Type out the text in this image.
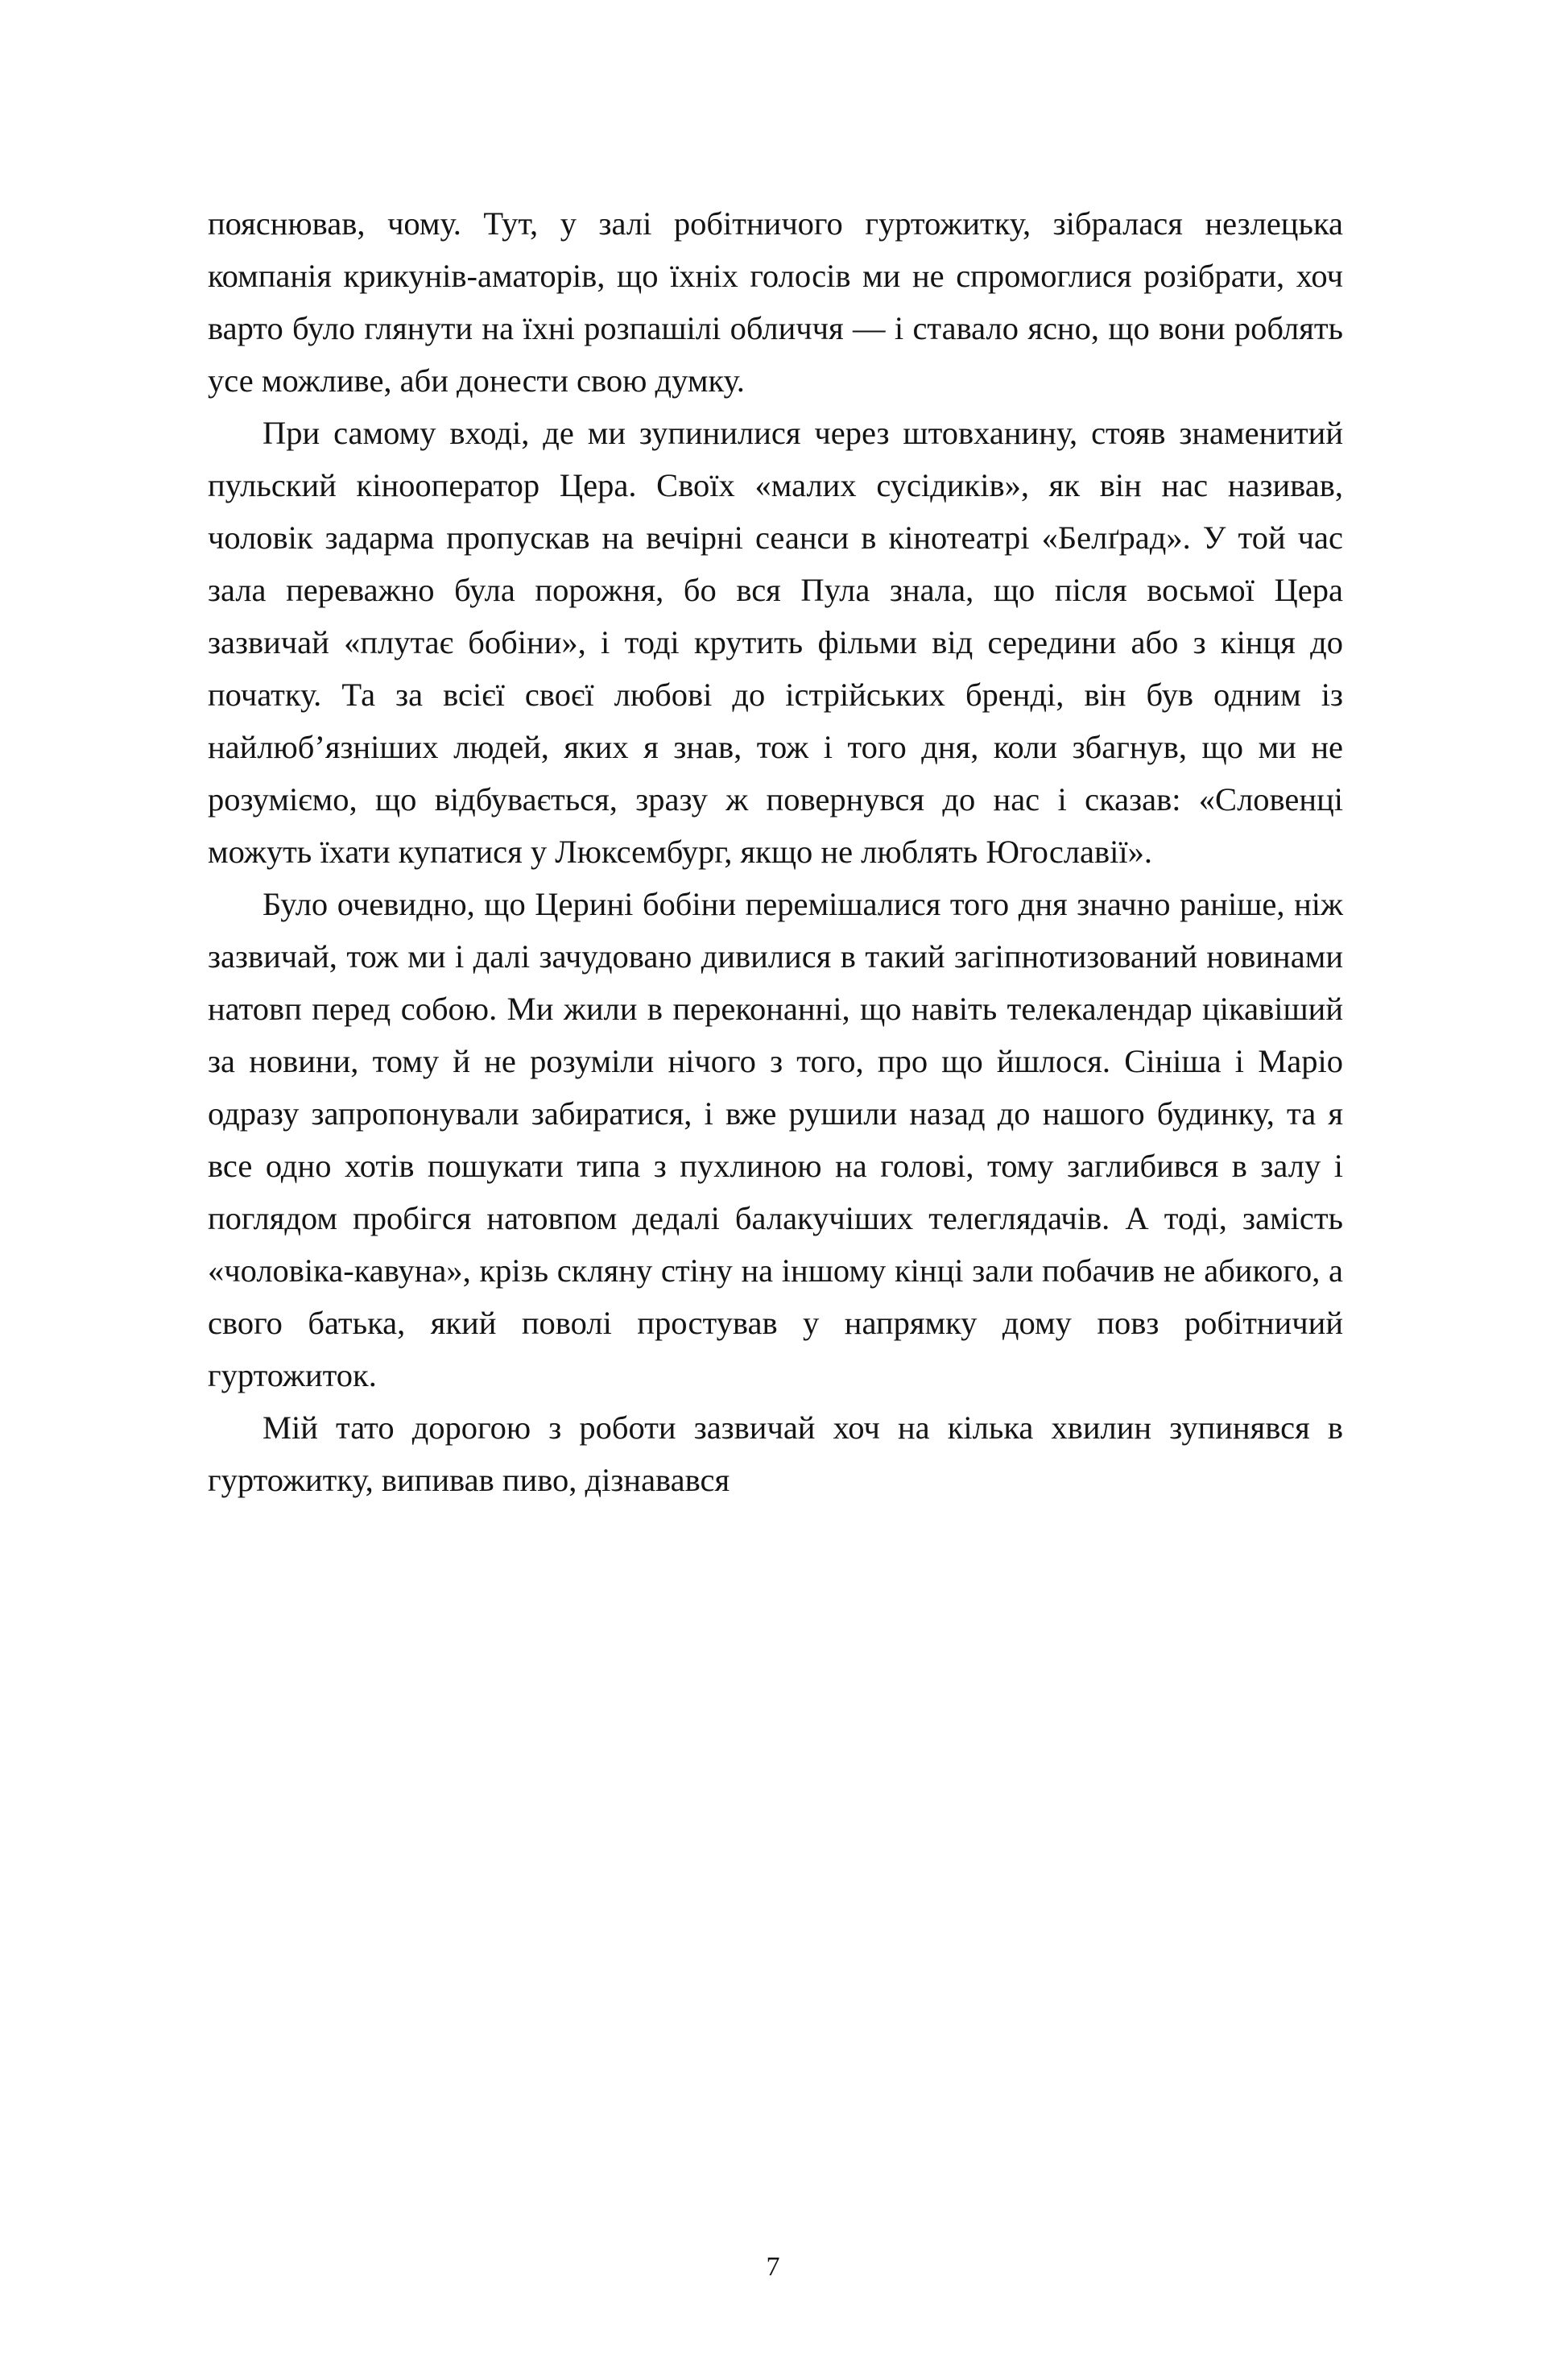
пояснював, чому. Тут, у залі робітничого гуртожитку, зібралася незлецька компанія крикунів-аматорів, що їхніх голосів ми не спромоглися розібрати, хоч варто було глянути на їхні розпашілі обличчя — і ставало ясно, що вони роблять усе можливе, аби донести свою думку.

При самому вході, де ми зупинилися через штовханину, стояв знаменитий пульский кінооператор Цера. Своїх «малих сусідиків», як він нас називав, чоловік задарма пропускав на вечірні сеанси в кінотеатрі «Белґрад». У той час зала переважно була порожня, бо вся Пула знала, що після восьмої Цера зазвичай «плутає бобіни», і тоді крутить фільми від середини або з кінця до початку. Та за всієї своєї любові до істрійських бренді, він був одним із найлюб’язніших людей, яких я знав, тож і того дня, коли збагнув, що ми не розуміємо, що відбувається, зразу ж повернувся до нас і сказав: «Словенці можуть їхати купатися у Люксембург, якщо не люблять Югославії».

Було очевидно, що Церині бобіни перемішалися того дня значно раніше, ніж зазвичай, тож ми і далі зачудовано дивилися в такий загіпнотизований новинами натовп перед собою. Ми жили в переконанні, що навіть телекалендар цікавіший за новини, тому й не розуміли нічого з того, про що йшлося. Сініша і Маріо одразу запропонували забиратися, і вже рушили назад до нашого будинку, та я все одно хотів пошукати типа з пухлиною на голові, тому заглибився в залу і поглядом пробігся натовпом дедалі балакучіших телеглядачів. А тоді, замість «чоловіка-кавуна», крізь скляну стіну на іншому кінці зали побачив не абикого, а свого батька, який поволі простував у напрямку дому повз робітничий гуртожиток.

Мій тато дорогою з роботи зазвичай хоч на кілька хвилин зупинявся в гуртожитку, випивав пиво, дізнавався

7
